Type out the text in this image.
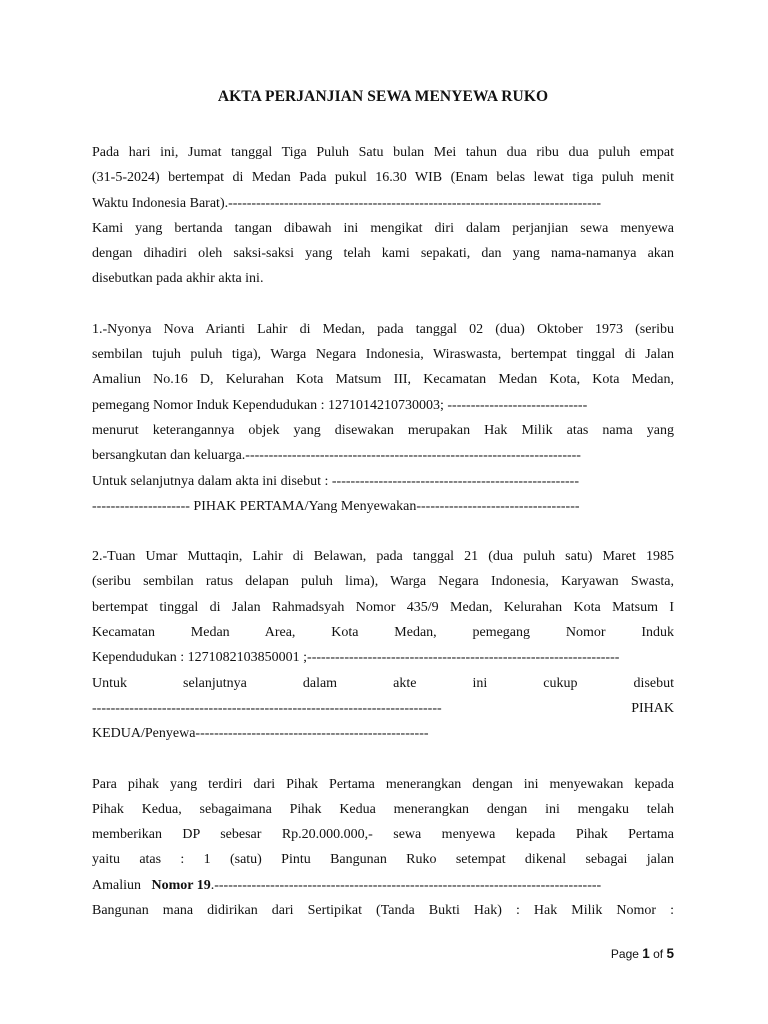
AKTA PERJANJIAN SEWA MENYEWA RUKO

Pada hari ini, Jumat tanggal Tiga Puluh Satu bulan Mei tahun dua ribu dua puluh empat

(31-5-2024) bertempat di Medan Pada pukul 16.30 WIB (Enam belas lewat tiga puluh menit

Waktu Indonesia Barat).--------------------------------------------------------------------------------

Kami yang bertanda tangan dibawah ini mengikat diri dalam perjanjian sewa menyewa

dengan dihadiri oleh saksi-saksi yang telah kami sepakati, dan yang nama-namanya akan

disebutkan pada akhir akta ini.

1.-Nyonya Nova Arianti Lahir di Medan, pada tanggal 02 (dua) Oktober 1973 (seribu

sembilan tujuh puluh tiga), Warga Negara Indonesia, Wiraswasta, bertempat tinggal di Jalan

Amaliun No.16 D, Kelurahan Kota Matsum III, Kecamatan Medan Kota, Kota Medan,

pemegang Nomor Induk Kependudukan : 1271014210730003; ------------------------------

menurut keterangannya objek yang disewakan merupakan Hak Milik atas nama yang

bersangkutan dan keluarga.------------------------------------------------------------------------

Untuk selanjutnya dalam akta ini disebut : -----------------------------------------------------

--------------------- PIHAK PERTAMA/Yang Menyewakan-----------------------------------

2.-Tuan Umar Muttaqin, Lahir di Belawan, pada tanggal 21 (dua puluh satu) Maret 1985

(seribu sembilan ratus delapan puluh lima), Warga Negara Indonesia, Karyawan Swasta,

bertempat tinggal di Jalan Rahmadsyah Nomor 435/9 Medan, Kelurahan Kota Matsum I

Kecamatan Medan Area, Kota Medan, pemegang Nomor Induk

Kependudukan : 1271082103850001 ;-------------------------------------------------------------------

Untuk selanjutnya dalam akte ini cukup disebut

---------------------------------------------------------------------------	PIHAK

KEDUA/Penyewa--------------------------------------------------

Para pihak yang terdiri dari Pihak Pertama menerangkan dengan ini menyewakan kepada

Pihak Kedua, sebagaimana Pihak Kedua menerangkan dengan ini mengaku telah

memberikan DP sebesar Rp.20.000.000,- sewa menyewa kepada Pihak Pertama

yaitu atas : 1 (satu) Pintu Bangunan Ruko setempat dikenal sebagai jalan

Amaliun Nomor 19.-----------------------------------------------------------------------------------

Bangunan mana didirikan dari Sertipikat (Tanda Bukti Hak) : Hak Milik Nomor :

Page 1 of 5
